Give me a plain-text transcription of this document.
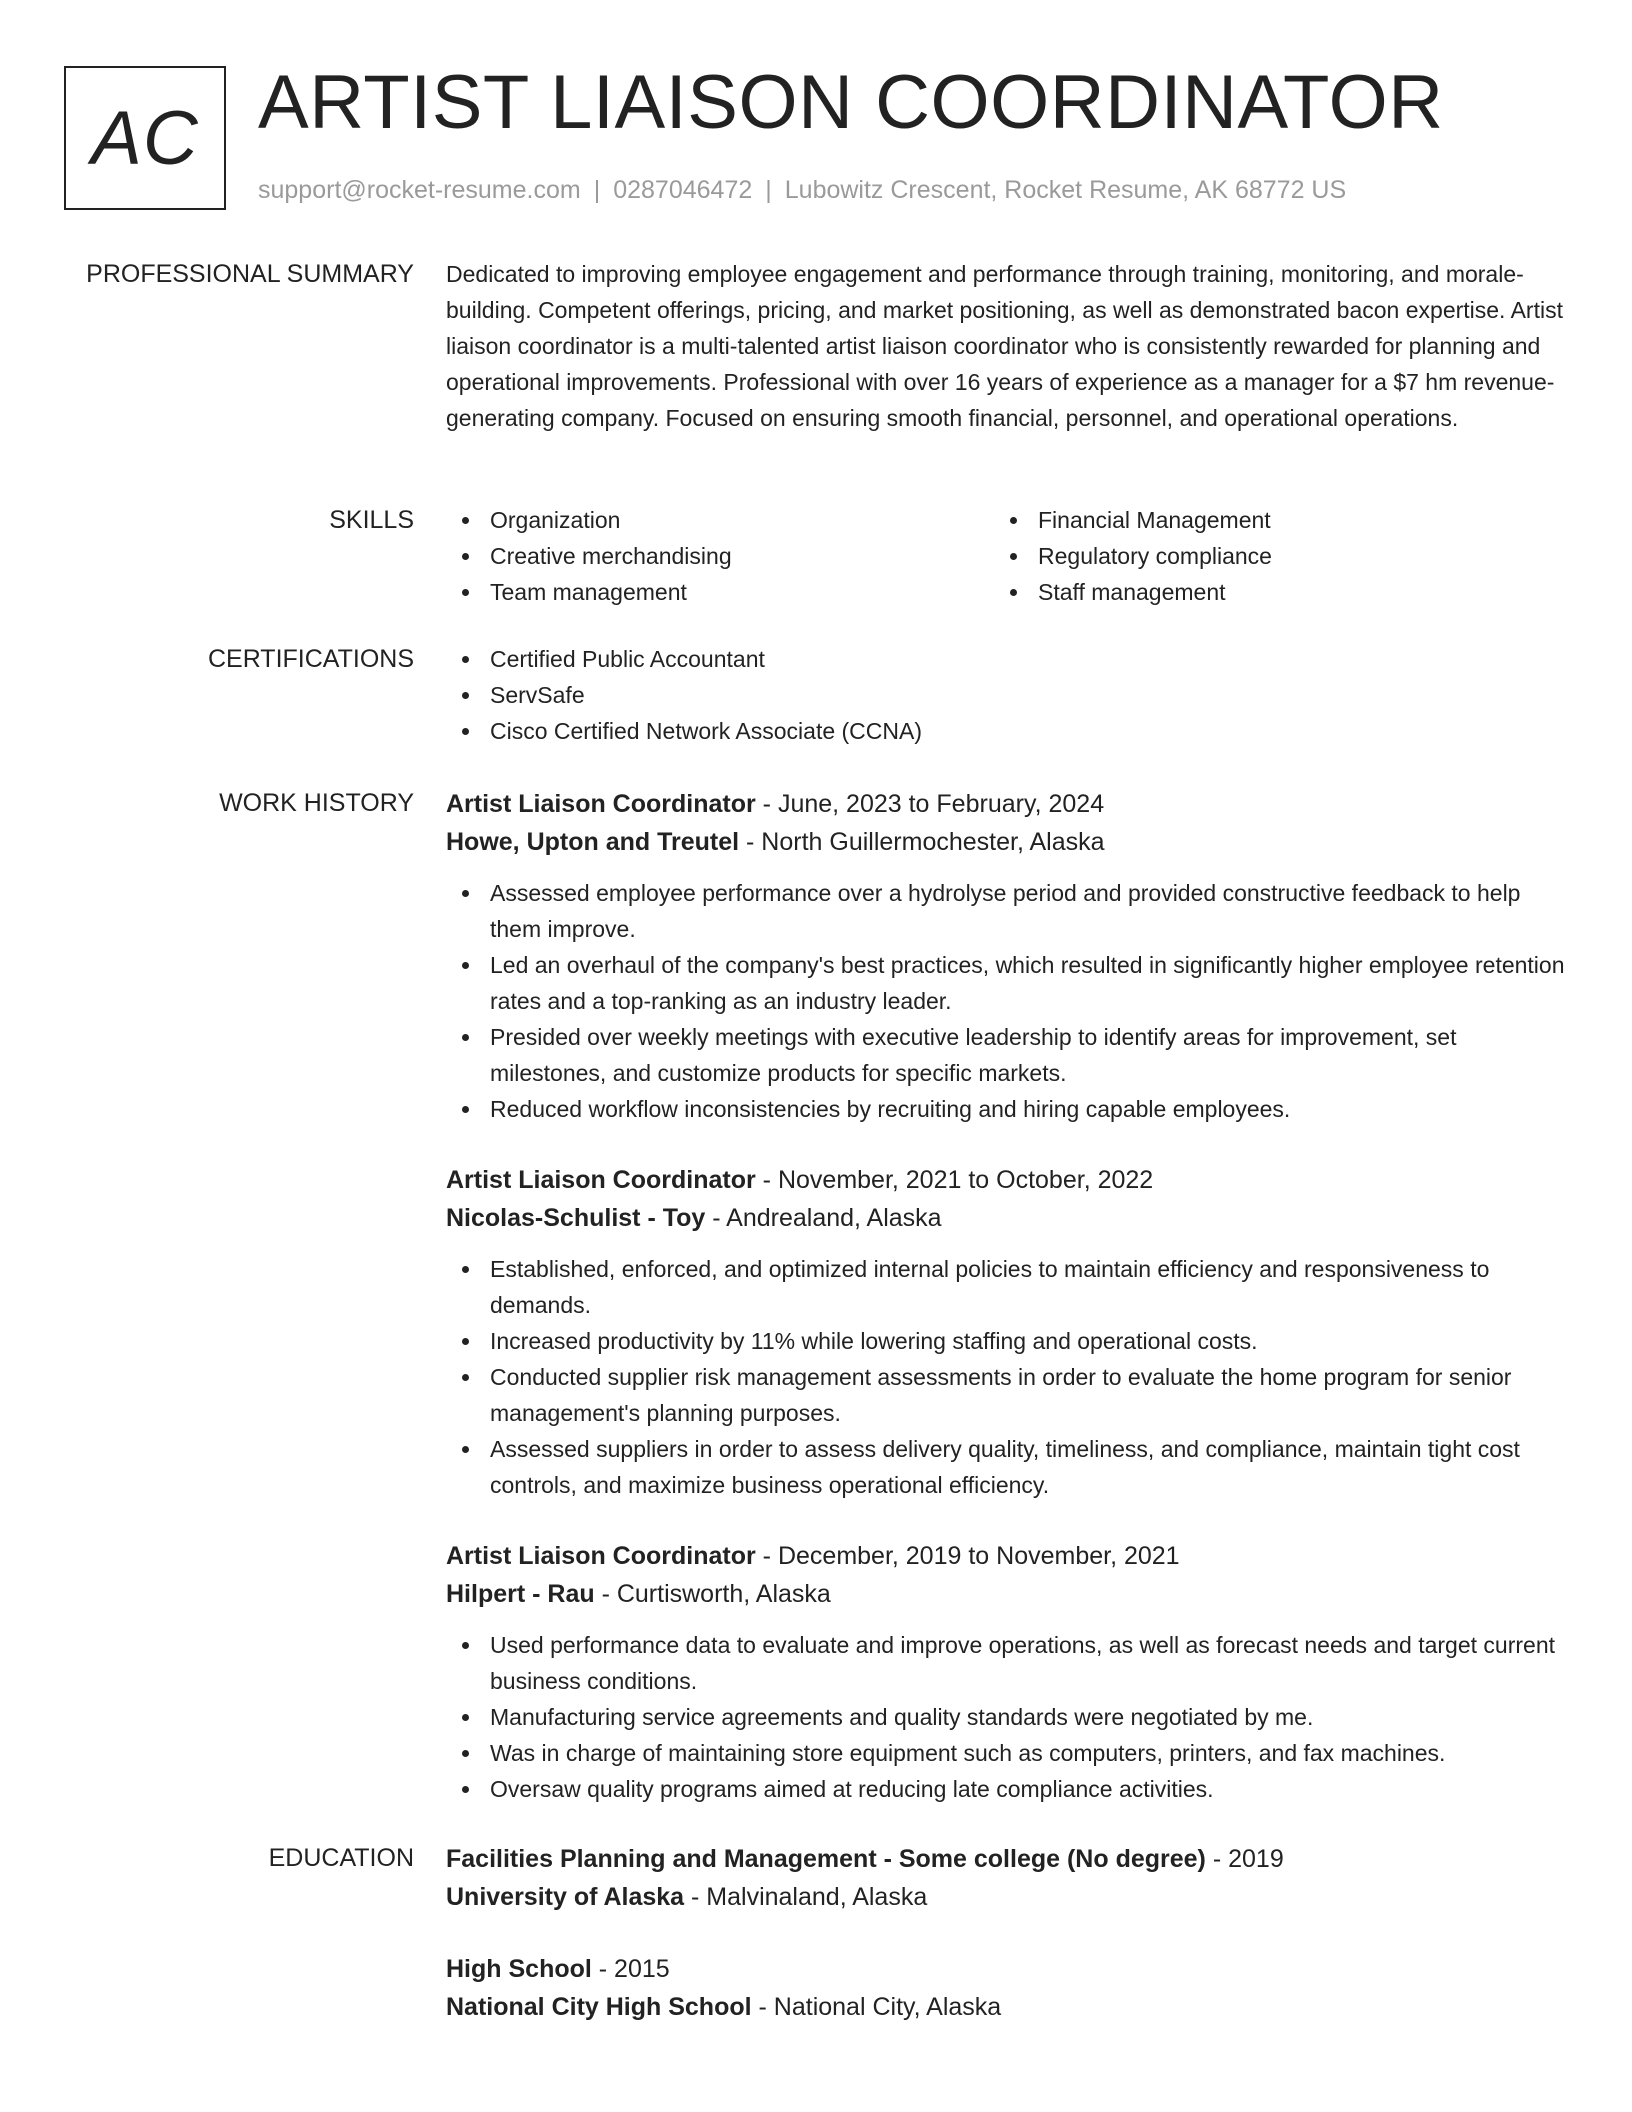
AC ARTIST LIAISON COORDINATOR
support@rocket-resume.com | 0287046472 | Lubowitz Crescent, Rocket Resume, AK 68772 US
PROFESSIONAL SUMMARY Dedicated to improving employee engagement and performance through training, monitoring, and morale-building. Competent offerings, pricing, and market positioning, as well as demonstrated bacon expertise. Artist liaison coordinator is a multi-talented artist liaison coordinator who is consistently rewarded for planning and operational improvements. Professional with over 16 years of experience as a manager for a $7 hm revenue-generating company. Focused on ensuring smooth financial, personnel, and operational operations.
SKILLS	Organization
Creative merchandising
Team management
Financial Management
Regulatory compliance
Staff management
CERTIFICATIONS	Certified Public Accountant
ServSafe
Cisco Certified Network Associate (CCNA)
WORK HISTORY Artist Liaison Coordinator - June, 2023 to February, 2024
Howe, Upton and Treutel - North Guillermochester, Alaska
Assessed employee performance over a hydrolyse period and provided constructive feedback to help them improve.
Led an overhaul of the company's best practices, which resulted in significantly higher employee retention rates and a top-ranking as an industry leader.
Presided over weekly meetings with executive leadership to identify areas for improvement, set milestones, and customize products for specific markets.
Reduced workflow inconsistencies by recruiting and hiring capable employees.
Artist Liaison Coordinator - November, 2021 to October, 2022
Nicolas-Schulist - Toy - Andrealand, Alaska
Established, enforced, and optimized internal policies to maintain efficiency and responsiveness to demands.
Increased productivity by 11% while lowering staffing and operational costs.
Conducted supplier risk management assessments in order to evaluate the home program for senior management's planning purposes.
Assessed suppliers in order to assess delivery quality, timeliness, and compliance, maintain tight cost controls, and maximize business operational efficiency.
Artist Liaison Coordinator - December, 2019 to November, 2021
Hilpert - Rau - Curtisworth, Alaska
Used performance data to evaluate and improve operations, as well as forecast needs and target current business conditions.
Manufacturing service agreements and quality standards were negotiated by me.
Was in charge of maintaining store equipment such as computers, printers, and fax machines.
Oversaw quality programs aimed at reducing late compliance activities.
EDUCATION Facilities Planning and Management - Some college (No degree) - 2019
University of Alaska - Malvinaland, Alaska
High School - 2015
National City High School - National City, Alaska
